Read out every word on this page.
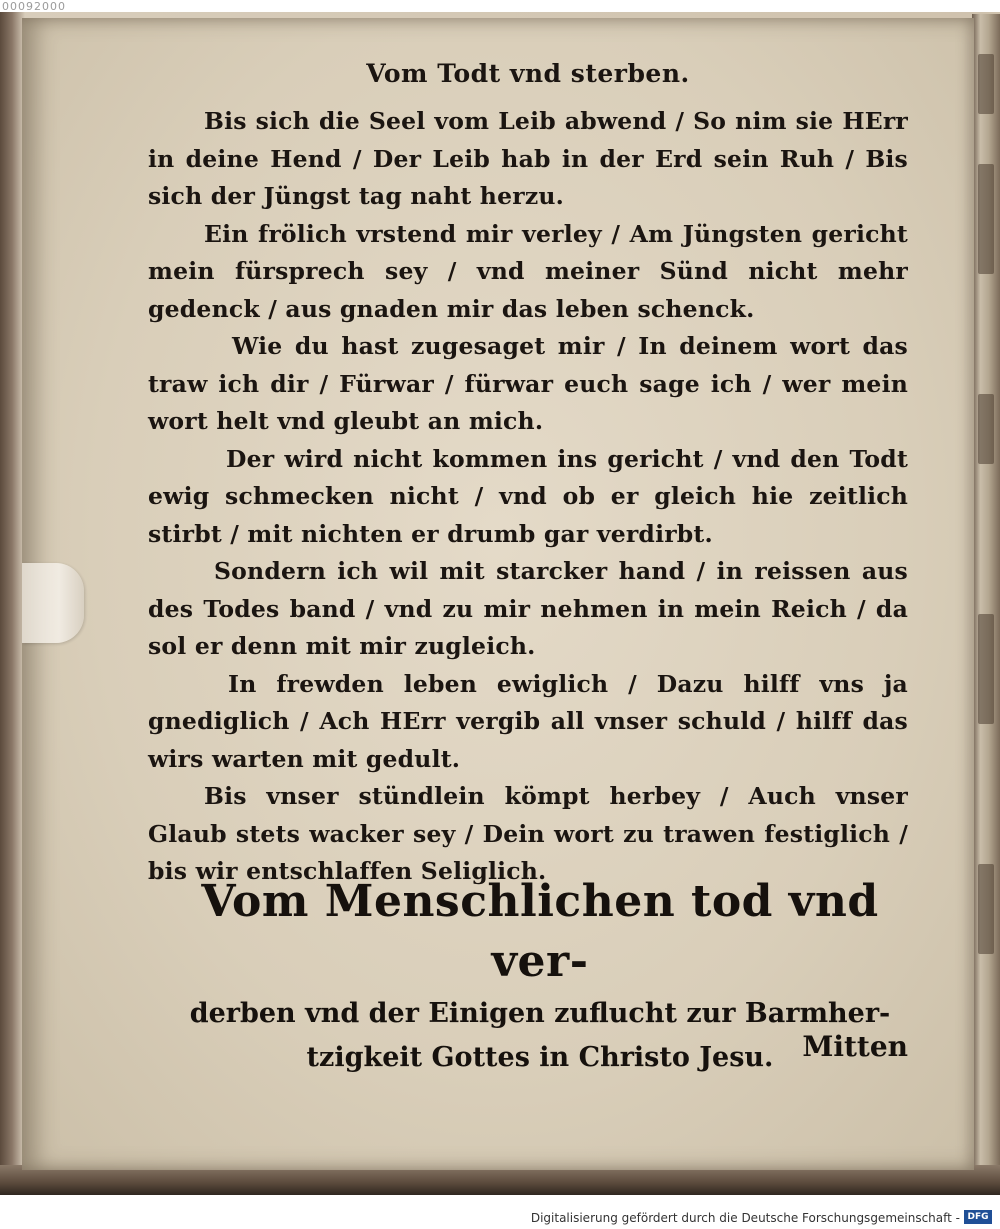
00092000
Vom Todt vnd sterben.

Bis sich die Seel vom Leib abwend / So nim sie HErr in deine Hend / Der Leib hab in der Erd sein Ruh / Bis sich der Jüngst tag naht herzu.

Ein frölich vrstend mir verley / Am Jüngsten gericht mein fürsprech sey / vnd meiner Sünd nicht mehr gedenck / aus gnaden mir das leben schenck.

Wie du hast zugesaget mir / In deinem wort das traw ich dir / Fürwar / fürwar euch sage ich / wer mein wort helt vnd gleubt an mich.

Der wird nicht kommen ins gericht / vnd den Todt ewig schmecken nicht / vnd ob er gleich hie zeitlich stirbt / mit nichten er drumb gar verdirbt.

Sondern ich wil mit starcker hand / in reissen aus des Todes band / vnd zu mir nehmen in mein Reich / da sol er denn mit mir zugleich.

In frewden leben ewiglich / Dazu hilff vns ja gnediglich / Ach HErr vergib all vnser schuld / hilff das wirs warten mit gedult.

Bis vnser stündlein kömpt herbey / Auch vnser Glaub stets wacker sey / Dein wort zu trawen festiglich / bis wir entschlaffen Seliglich.

Vom Menschlichen tod vnd ver-
derben vnd der Einigen zuflucht zur Barmher-
tzigkeit Gottes in Christo Jesu.	Mitten
Digitalisierung gefördert durch die Deutsche Forschungsgemeinschaft - DFG
